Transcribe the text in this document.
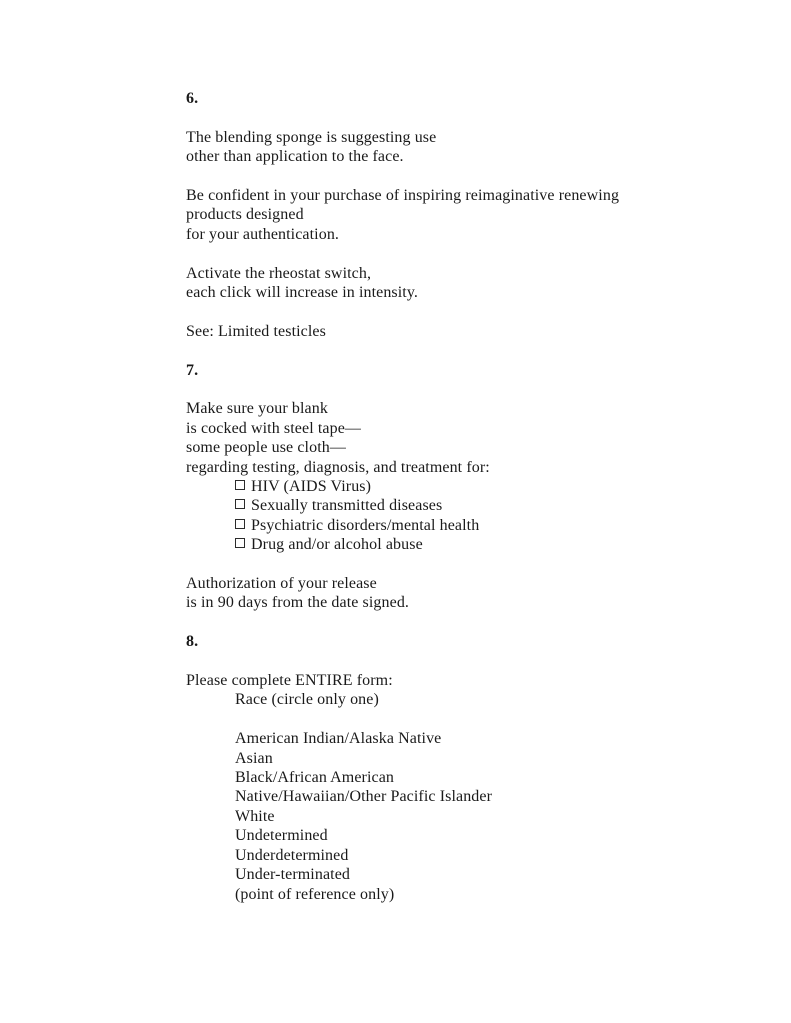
6.
The blending sponge is suggesting use
other than application to the face.
Be confident in your purchase of inspiring reimaginative renewing
products designed
for your authentication.
Activate the rheostat switch,
each click will increase in intensity.
See: Limited testicles
7.
Make sure your blank
is cocked with steel tape—
some people use cloth—
regarding testing, diagnosis, and treatment for:
HIV (AIDS Virus)
Sexually transmitted diseases
Psychiatric disorders/mental health
Drug and/or alcohol abuse
Authorization of your release
is in 90 days from the date signed.
8.
Please complete ENTIRE form:
Race (circle only one)
American Indian/Alaska Native
Asian
Black/African American
Native/Hawaiian/Other Pacific Islander
White
Undetermined
Underdetermined
Under-terminated
(point of reference only)
